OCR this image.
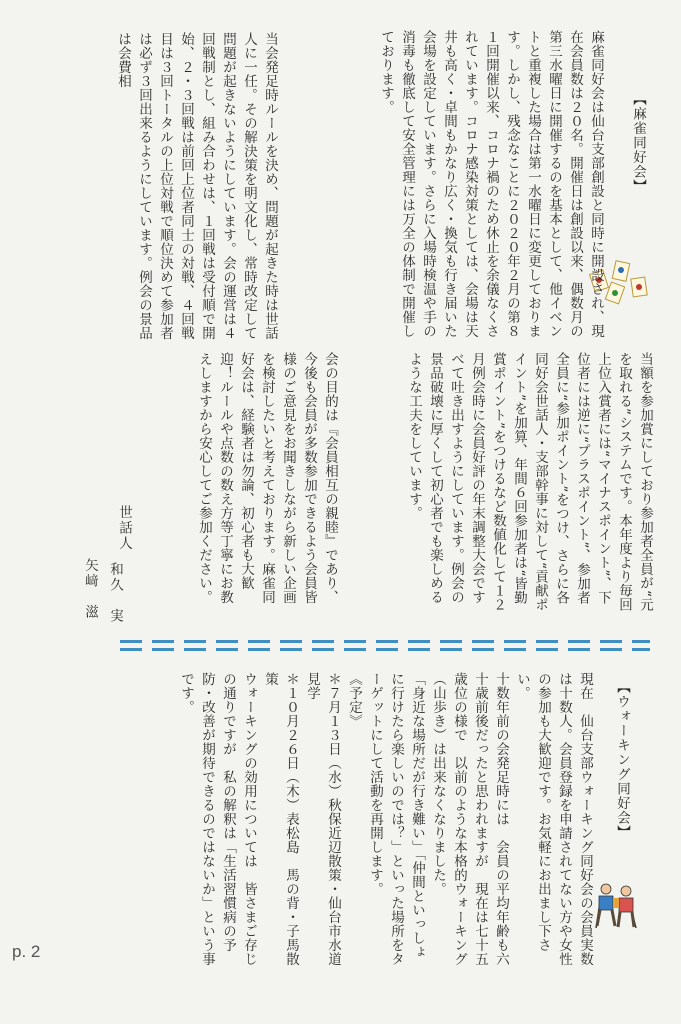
【麻雀同好会】
麻雀同好会は仙台支部創設と同時に開設され、現在会員数は２０名。開催日は創設以来、偶数月の第三水曜日に開催するのを基本として、他イベントと重複した場合は第一水曜日に変更しております。しかし、残念なことに２０２０年２月の第８１回開催以来、コロナ禍のため休止を余儀なくされています。コロナ感染対策としては、会場は天井も高く・卓間もかなり広く・換気も行き届いた会場を設定しています。さらに入場時検温や手の消毒も徹底して安全管理には万全の体制で開催しております。
当会発足時ルールを決め、問題が起きた時は世話人に一任。その解決策を明文化し、常時改定して問題が起きないようにしています。会の運営は４回戦制とし、組み合わせは、１回戦は受付順で開始、２・３回戦は前回上位者同士の対戦、４回戦目は３回トータルの上位対戦で順位決めて参加者は必ず３回出来るようにしています。例会の景品は会費相
当額を参加賞にしており参加者全員が“元を取れる”システムです。本年度より毎回上位入賞者には“マイナスポイント”、下位者には逆に“プラスポイント”、参加者全員に“参加ポイント”をつけ、さらに各同好会世話人・支部幹事に対して“貢献ポイント”を加算、年間６回参加者は“皆勤賞ポイント”をつけるなど数値化して１２月例会時に会員好評の年末調整大会ですべて吐き出すようにしています。例会の景品破壊に厚くして初心者でも楽しめるような工夫をしています。
会の目的は『会員相互の親睦』であり、今後も会員が多数参加できるよう会員皆様のご意見をお聞きしながら新しい企画を検討したいと考えております。麻雀同好会は、経験者は勿論、初心者も大歓迎！ルールや点数の数え方等丁寧にお教えしますから安心してご参加ください。
世話人
和久　実
矢﨑　滋
【ウォーキング同好会】
現在　仙台支部ウォーキング同好会の会員実数は十数人。会員登録を申請されてない方や女性の参加も大歓迎です。お気軽にお出まし下さい。
十数年前の会発足時には　会員の平均年齢も六十歳前後だったと思われますが　現在は七十五歳位の様で　以前のような本格的ウォーキング（山歩き）は出来なくなりました。
「身近な場所だが行き難い」「仲間といっしょに行けたら楽しいのでは？」といった場所をターゲットにして活動を再開します。
《予定》
＊７月１３日（水）秋保近辺散策・仙台市水道見学
＊１０月２６日（木）表松島　馬の背・子馬散策
ウォーキングの効用については　皆さまご存じの通りですが　私の解釈は「生活習慣病の予防・改善が期待できるのではないか」という事です。
p. 2
